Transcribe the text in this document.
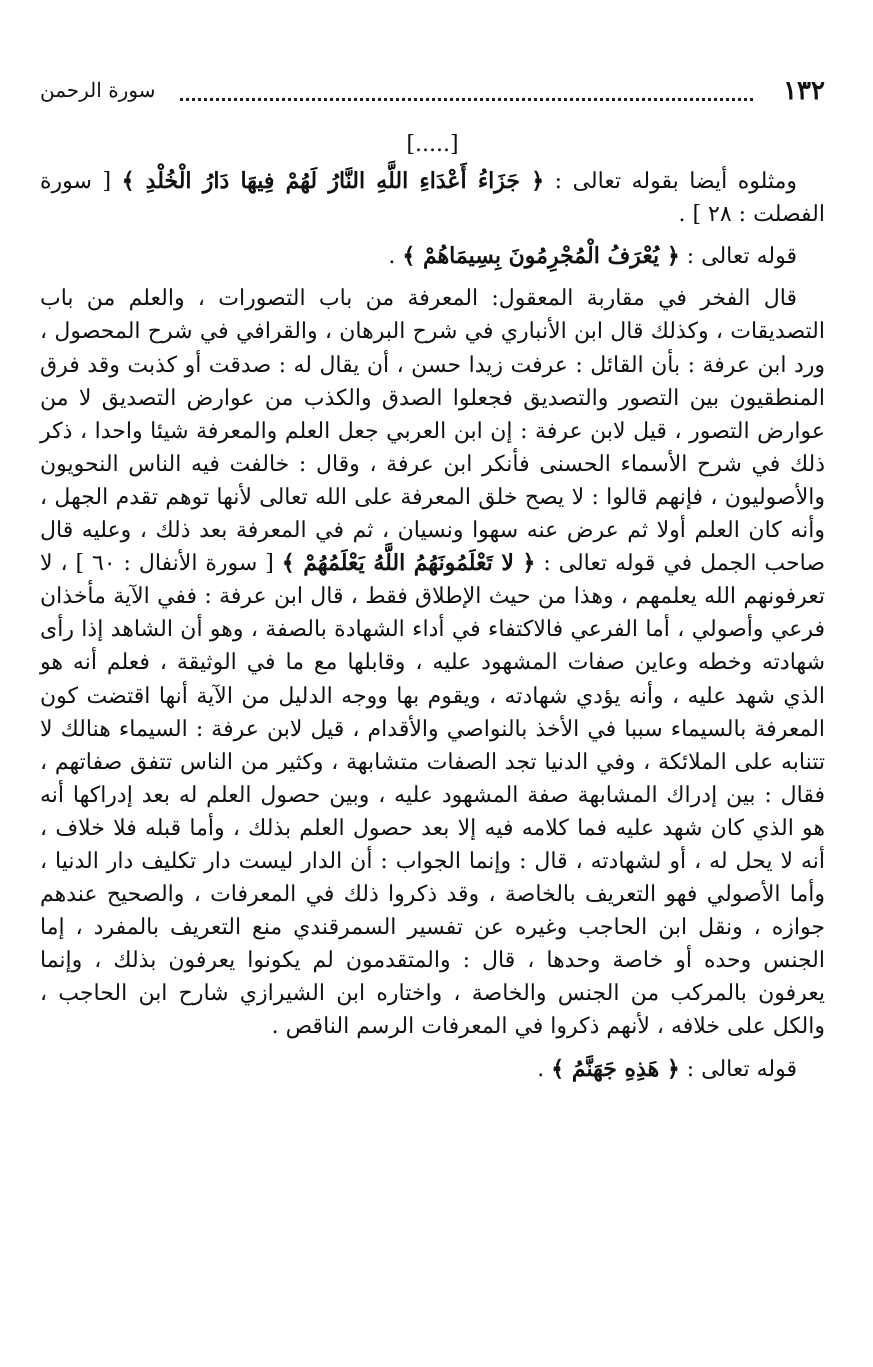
١٣٢
سورة الرحمن

[.....]

ومثلوه أيضا بقوله تعالى : ﴿ جَزَاءُ أَعْدَاءِ اللَّهِ النَّارُ لَهُمْ فِيهَا دَارُ الْخُلْدِ ﴾ [ سورة الفصلت : ٢٨ ] .

قوله تعالى : ﴿ يُعْرَفُ الْمُجْرِمُونَ بِسِيمَاهُمْ ﴾ .

قال الفخر في مقاربة المعقول: المعرفة من باب التصورات ، والعلم من باب التصديقات ، وكذلك قال ابن الأنباري في شرح البرهان ، والقرافي في شرح المحصول ، ورد ابن عرفة : بأن القائل : عرفت زيدا حسن ، أن يقال له : صدقت أو كذبت وقد فرق المنطقيون بين التصور والتصديق فجعلوا الصدق والكذب من عوارض التصديق لا من عوارض التصور ، قيل لابن عرفة : إن ابن العربي جعل العلم والمعرفة شيئا واحدا ، ذكر ذلك في شرح الأسماء الحسنى فأنكر ابن عرفة ، وقال : خالفت فيه الناس النحويون والأصوليون ، فإنهم قالوا : لا يصح خلق المعرفة على الله تعالى لأنها توهم تقدم الجهل ، وأنه كان العلم أولا ثم عرض عنه سهوا ونسيان ، ثم في المعرفة بعد ذلك ، وعليه قال صاحب الجمل في قوله تعالى : ﴿ لا تَعْلَمُونَهُمُ اللَّهُ يَعْلَمُهُمْ ﴾ [ سورة الأنفال : ٦٠ ] ، لا تعرفونهم الله يعلمهم ، وهذا من حيث الإطلاق فقط ، قال ابن عرفة : ففي الآية مأخذان فرعي وأصولي ، أما الفرعي فالاكتفاء في أداء الشهادة بالصفة ، وهو أن الشاهد إذا رأى شهادته وخطه وعاين صفات المشهود عليه ، وقابلها مع ما في الوثيقة ، فعلم أنه هو الذي شهد عليه ، وأنه يؤدي شهادته ، ويقوم بها ووجه الدليل من الآية أنها اقتضت كون المعرفة بالسيماء سببا في الأخذ بالنواصي والأقدام ، قيل لابن عرفة : السيماء هنالك لا تتنابه على الملائكة ، وفي الدنيا تجد الصفات متشابهة ، وكثير من الناس تتفق صفاتهم ، فقال : بين إدراك المشابهة صفة المشهود عليه ، وبين حصول العلم له بعد إدراكها أنه هو الذي كان شهد عليه فما كلامه فيه إلا بعد حصول العلم بذلك ، وأما قبله فلا خلاف ، أنه لا يحل له ، أو لشهادته ، قال : وإنما الجواب : أن الدار ليست دار تكليف دار الدنيا ، وأما الأصولي فهو التعريف بالخاصة ، وقد ذكروا ذلك في المعرفات ، والصحيح عندهم جوازه ، ونقل ابن الحاجب وغيره عن تفسير السمرقندي منع التعريف بالمفرد ، إما الجنس وحده أو خاصة وحدها ، قال : والمتقدمون لم يكونوا يعرفون بذلك ، وإنما يعرفون بالمركب من الجنس والخاصة ، واختاره ابن الشيرازي شارح ابن الحاجب ، والكل على خلافه ، لأنهم ذكروا في المعرفات الرسم الناقص .

قوله تعالى : ﴿ هَذِهِ جَهَنَّمُ ﴾ .
